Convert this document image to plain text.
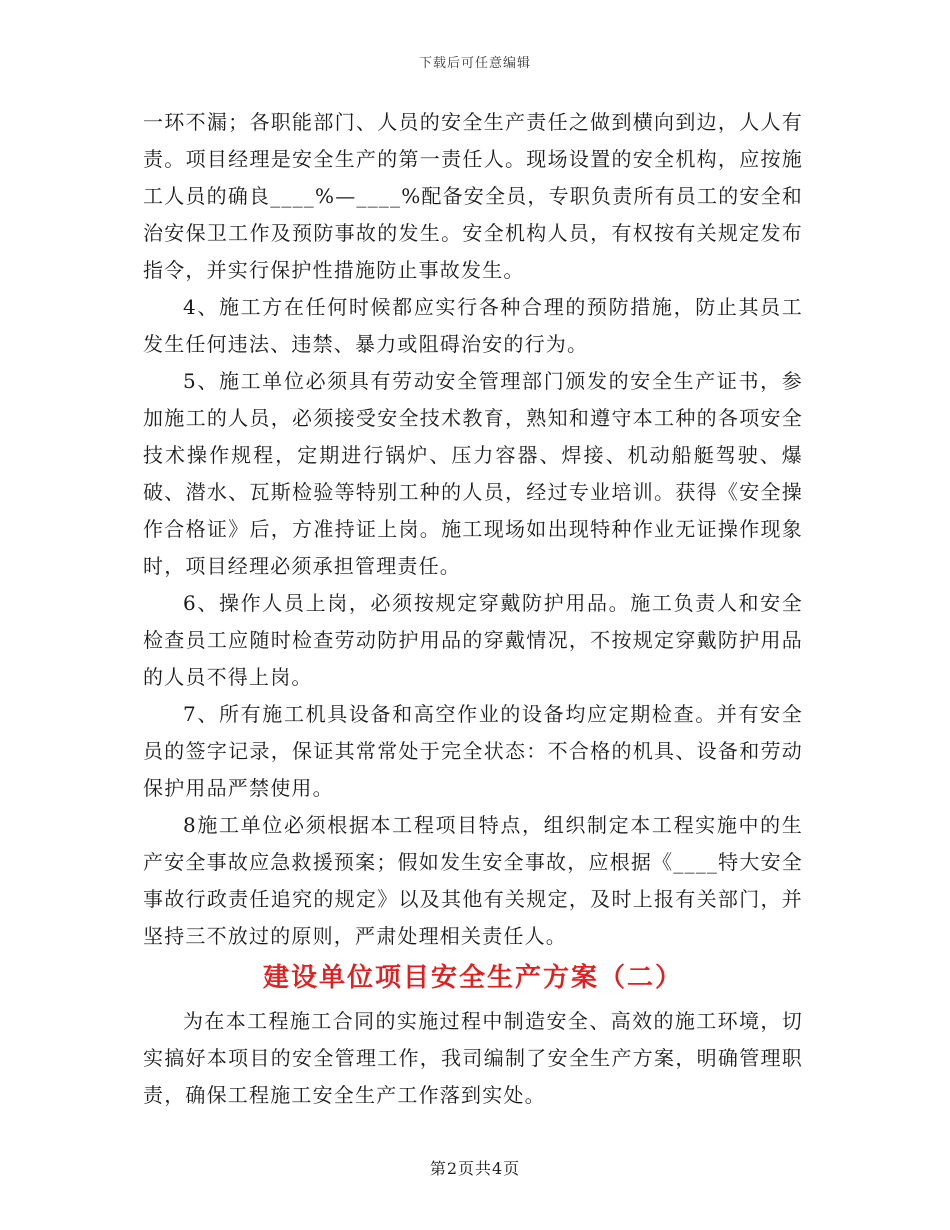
下载后可任意编辑

一环不漏；各职能部门、人员的安全生产责任之做到横向到边，人人有责。项目经理是安全生产的第一责任人。现场设置的安全机构，应按施工人员的确良____%—____%配备安全员，专职负责所有员工的安全和治安保卫工作及预防事故的发生。安全机构人员，有权按有关规定发布指令，并实行保护性措施防止事故发生。

4、施工方在任何时候都应实行各种合理的预防措施，防止其员工发生任何违法、违禁、暴力或阻碍治安的行为。

5、施工单位必须具有劳动安全管理部门颁发的安全生产证书，参加施工的人员，必须接受安全技术教育，熟知和遵守本工种的各项安全技术操作规程，定期进行锅炉、压力容器、焊接、机动船艇驾驶、爆破、潜水、瓦斯检验等特别工种的人员，经过专业培训。获得《安全操作合格证》后，方准持证上岗。施工现场如出现特种作业无证操作现象时，项目经理必须承担管理责任。

6、操作人员上岗，必须按规定穿戴防护用品。施工负责人和安全检查员工应随时检查劳动防护用品的穿戴情况，不按规定穿戴防护用品的人员不得上岗。

7、所有施工机具设备和高空作业的设备均应定期检查。并有安全员的签字记录，保证其常常处于完全状态：不合格的机具、设备和劳动保护用品严禁使用。

8施工单位必须根据本工程项目特点，组织制定本工程实施中的生产安全事故应急救援预案；假如发生安全事故，应根据《____特大安全事故行政责任追究的规定》以及其他有关规定，及时上报有关部门，并坚持三不放过的原则，严肃处理相关责任人。

建设单位项目安全生产方案（二）

为在本工程施工合同的实施过程中制造安全、高效的施工环境，切实搞好本项目的安全管理工作，我司编制了安全生产方案，明确管理职责，确保工程施工安全生产工作落到实处。

第2页共4页
